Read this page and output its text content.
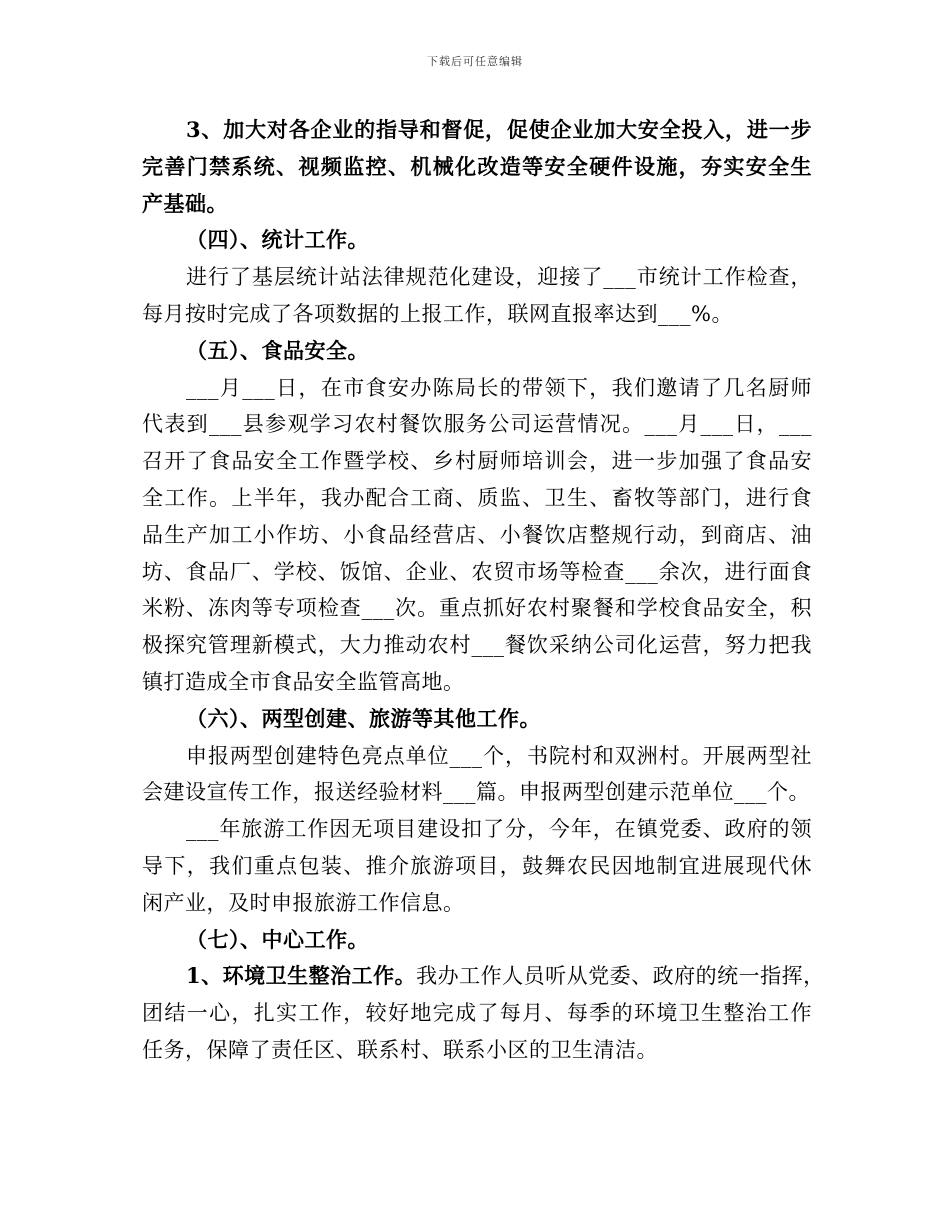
下载后可任意编辑
3、加大对各企业的指导和督促，促使企业加大安全投入，进一步
完善门禁系统、视频监控、机械化改造等安全硬件设施，夯实安全生
产基础。
（四）、统计工作。
进行了基层统计站法律规范化建设，迎接了___市统计工作检查，
每月按时完成了各项数据的上报工作，联网直报率达到___%。
（五）、食品安全。
___月___日，在市食安办陈局长的带领下，我们邀请了几名厨师
代表到___县参观学习农村餐饮服务公司运营情况。___月___日，___
召开了食品安全工作暨学校、乡村厨师培训会，进一步加强了食品安
全工作。上半年，我办配合工商、质监、卫生、畜牧等部门，进行食
品生产加工小作坊、小食品经营店、小餐饮店整规行动，到商店、油
坊、食品厂、学校、饭馆、企业、农贸市场等检查___余次，进行面食
米粉、冻肉等专项检查___次。重点抓好农村聚餐和学校食品安全，积
极探究管理新模式，大力推动农村___餐饮采纳公司化运营，努力把我
镇打造成全市食品安全监管高地。
（六）、两型创建、旅游等其他工作。
申报两型创建特色亮点单位___个，书院村和双洲村。开展两型社
会建设宣传工作，报送经验材料___篇。申报两型创建示范单位___个。
___年旅游工作因无项目建设扣了分，今年，在镇党委、政府的领
导下，我们重点包装、推介旅游项目，鼓舞农民因地制宜进展现代休
闲产业，及时申报旅游工作信息。
（七）、中心工作。
1、环境卫生整治工作。我办工作人员听从党委、政府的统一指挥，
团结一心，扎实工作，较好地完成了每月、每季的环境卫生整治工作
任务，保障了责任区、联系村、联系小区的卫生清洁。
